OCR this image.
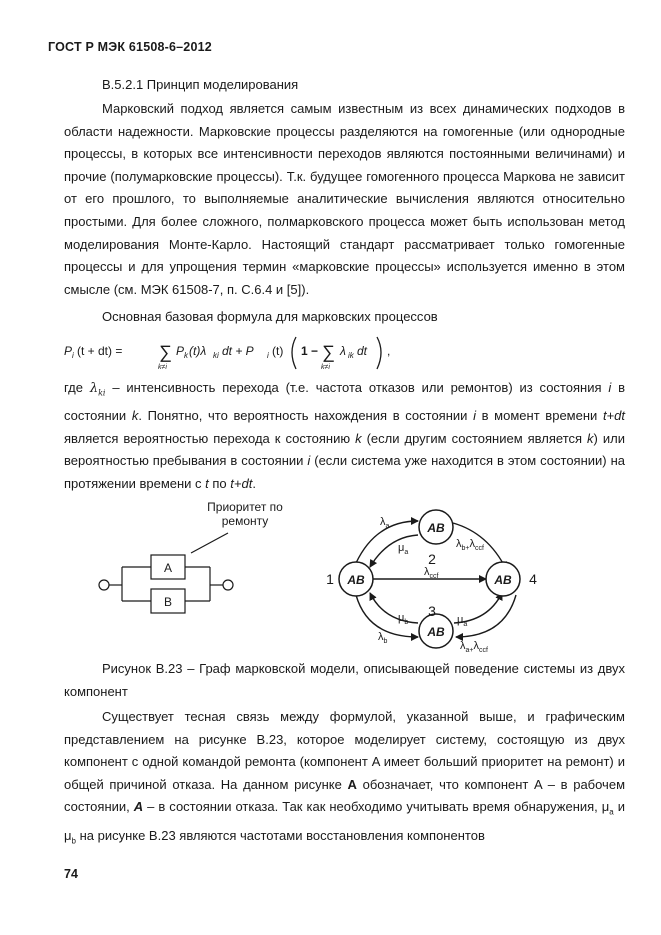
ГОСТ Р МЭК 61508-6–2012
B.5.2.1 Принцип моделирования
Марковский подход является самым известным из всех динамических подходов в области надежности. Марковские процессы разделяются на гомогенные (или однородные процессы, в которых все интенсивности переходов являются постоянными величинами) и прочие (полумарковские процессы). Т.к. будущее гомогенного процесса Маркова не зависит от его прошлого, то выполняемые аналитические вычисления являются относительно простыми. Для более сложного, полмарковского процесса может быть использован метод моделирования Монте-Карло. Настоящий стандарт рассматривает только гомогенные процессы и для упрощения термин «марковские процессы» используется именно в этом смысле (см. МЭК 61508-7, п. С.6.4 и [5]).
Основная базовая формула для марковских процессов
P i (t + dt) = ∑
k≠i
P k (t)λ ki dt + P i (t) 1 − ∑
k≠i
λ ik dt ,
где $\lambda_{ki}$ – интенсивность перехода (т.е. частота отказов или ремонтов) из состояния i в состоянии k. Понятно, что вероятность нахождения в состоянии i в момент времени t+dt является вероятностью перехода к состоянию k (если другим состоянием является k) или вероятностью пребывания в состоянии i (если система уже находится в этом состоянии) на протяжении времени с t по t+dt.
A
B
Приоритет по
ремонту	AB
AB	AB
AB
1
2
3
4
$\lambda_a$
$\mu_a$
$\lambda_{b+}\lambda_{ccf}$
$\lambda_{ccf}$
$\mu_b$
$\lambda_b$
$\mu_a$
$\lambda_{a+}\lambda_{ccf}$
Рисунок B.23 – Граф марковской модели, описывающей поведение системы из двух компонент
Существует тесная связь между формулой, указанной выше, и графическим представлением на рисунке B.23, которое моделирует систему, состоящую из двух компонент с одной командой ремонта (компонент A имеет больший приоритет на ремонт) и общей причиной отказа. На данном рисунке A обозначает, что компонент A – в рабочем состоянии, A – в состоянии отказа. Так как необходимо учитывать время обнаружения, $\mu_a$ и $\mu_b$ на рисунке B.23 являются частотами восстановления компонентов
74
